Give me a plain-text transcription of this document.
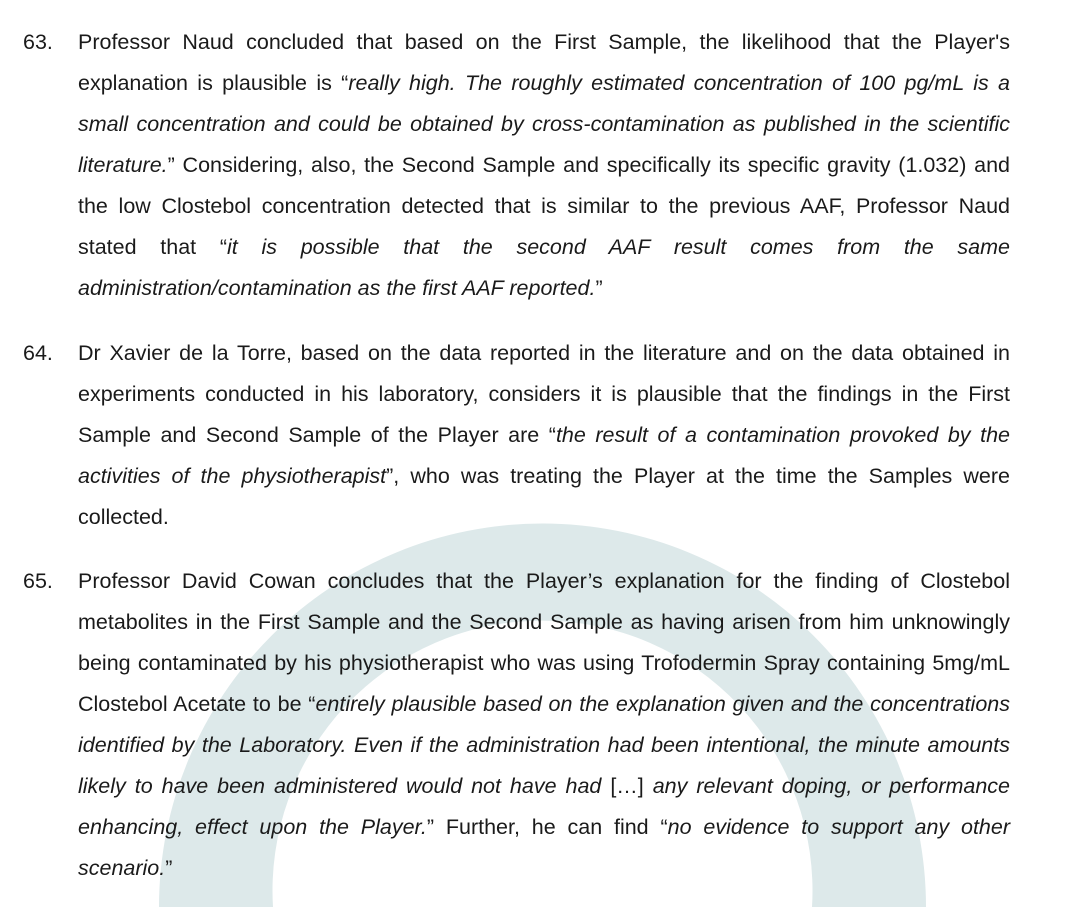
63. Professor Naud concluded that based on the First Sample, the likelihood that the Player's explanation is plausible is “really high. The roughly estimated concentration of 100 pg/mL is a small concentration and could be obtained by cross-contamination as published in the scientific literature.” Considering, also, the Second Sample and specifically its specific gravity (1.032) and the low Clostebol concentration detected that is similar to the previous AAF, Professor Naud stated that “it is possible that the second AAF result comes from the same administration/contamination as the first AAF reported.”
64. Dr Xavier de la Torre, based on the data reported in the literature and on the data obtained in experiments conducted in his laboratory, considers it is plausible that the findings in the First Sample and Second Sample of the Player are “the result of a contamination provoked by the activities of the physiotherapist”, who was treating the Player at the time the Samples were collected.
65. Professor David Cowan concludes that the Player’s explanation for the finding of Clostebol metabolites in the First Sample and the Second Sample as having arisen from him unknowingly being contaminated by his physiotherapist who was using Trofodermin Spray containing 5mg/mL Clostebol Acetate to be “entirely plausible based on the explanation given and the concentrations identified by the Laboratory. Even if the administration had been intentional, the minute amounts likely to have been administered would not have had […] any relevant doping, or performance enhancing, effect upon the Player.” Further, he can find “no evidence to support any other scenario.”
